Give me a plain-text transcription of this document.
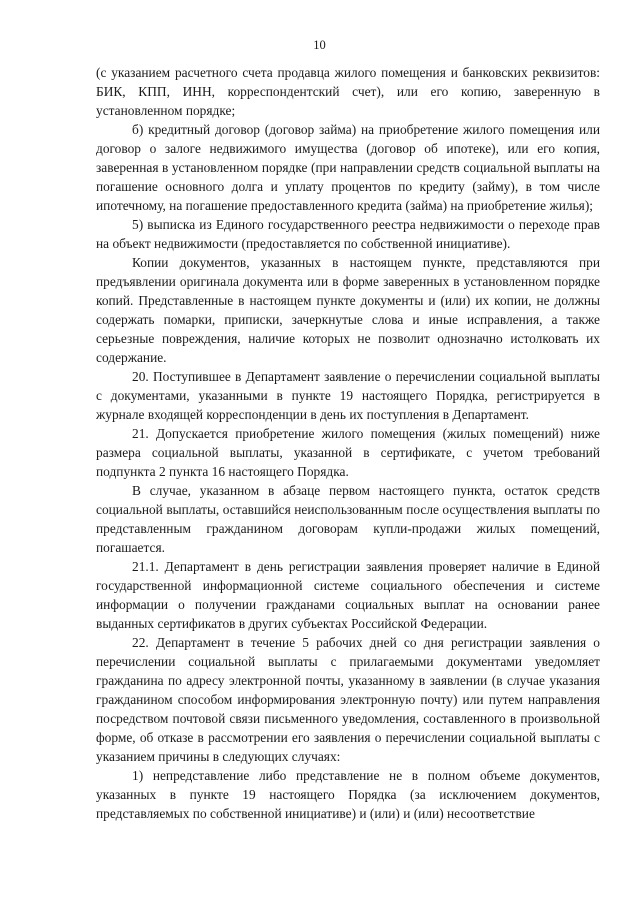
10

(с указанием расчетного счета продавца жилого помещения и банковских реквизитов: БИК, КПП, ИНН, корреспондентский счет), или его копию, заверенную в установленном порядке;

б) кредитный договор (договор займа) на приобретение жилого помещения или договор о залоге недвижимого имущества (договор об ипотеке), или его копия, заверенная в установленном порядке (при направлении средств социальной выплаты на погашение основного долга и уплату процентов по кредиту (займу), в том числе ипотечному, на погашение предоставленного кредита (займа) на приобретение жилья);

5) выписка из Единого государственного реестра недвижимости о переходе прав на объект недвижимости (предоставляется по собственной инициативе).

Копии документов, указанных в настоящем пункте, представляются при предъявлении оригинала документа или в форме заверенных в установленном порядке копий. Представленные в настоящем пункте документы и (или) их копии, не должны содержать помарки, приписки, зачеркнутые слова и иные исправления, а также серьезные повреждения, наличие которых не позволит однозначно истолковать их содержание.

20. Поступившее в Департамент заявление о перечислении социальной выплаты с документами, указанными в пункте 19 настоящего Порядка, регистрируется в журнале входящей корреспонденции в день их поступления в Департамент.

21. Допускается приобретение жилого помещения (жилых помещений) ниже размера социальной выплаты, указанной в сертификате, с учетом требований подпункта 2 пункта 16 настоящего Порядка.

В случае, указанном в абзаце первом настоящего пункта, остаток средств социальной выплаты, оставшийся неиспользованным после осуществления выплаты по представленным гражданином договорам купли-продажи жилых помещений, погашается.

21.1. Департамент в день регистрации заявления проверяет наличие в Единой государственной информационной системе социального обеспечения и системе информации о получении гражданами социальных выплат на основании ранее выданных сертификатов в других субъектах Российской Федерации.

22. Департамент в течение 5 рабочих дней со дня регистрации заявления о перечислении социальной выплаты с прилагаемыми документами уведомляет гражданина по адресу электронной почты, указанному в заявлении (в случае указания гражданином способом информирования электронную почту) или путем направления посредством почтовой связи письменного уведомления, составленного в произвольной форме, об отказе в рассмотрении его заявления о перечислении социальной выплаты с указанием причины в следующих случаях:

1) непредставление либо представление не в полном объеме документов, указанных в пункте 19 настоящего Порядка (за исключением документов, представляемых по собственной инициативе) и (или) и (или) несоответствие
